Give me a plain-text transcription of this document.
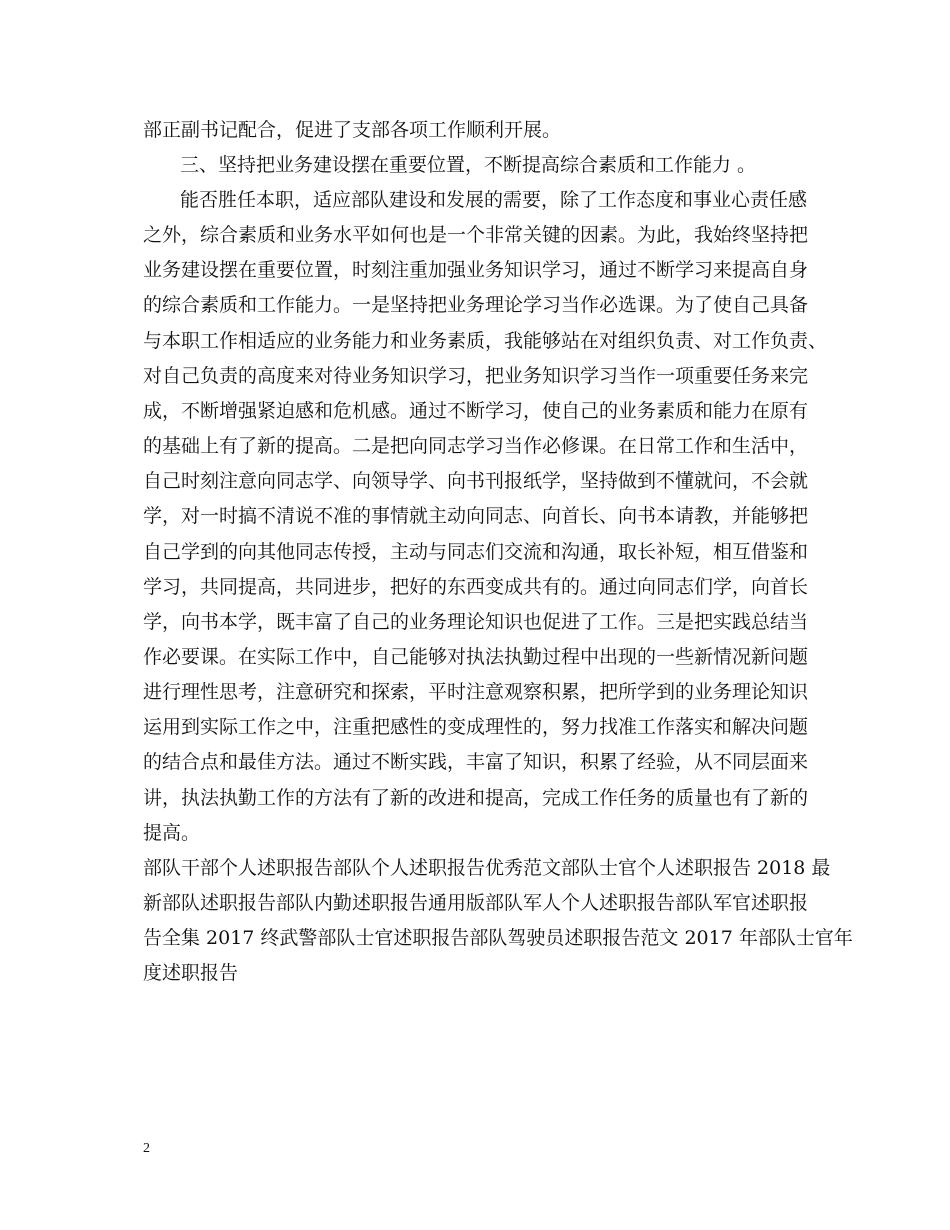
部正副书记配合，促进了支部各项工作顺利开展。
三、坚持把业务建设摆在重要位置，不断提高综合素质和工作能力 。
能否胜任本职，适应部队建设和发展的需要，除了工作态度和事业心责任感
之外，综合素质和业务水平如何也是一个非常关键的因素。为此，我始终坚持把
业务建设摆在重要位置，时刻注重加强业务知识学习，通过不断学习来提高自身
的综合素质和工作能力。一是坚持把业务理论学习当作必选课。为了使自己具备
与本职工作相适应的业务能力和业务素质，我能够站在对组织负责、对工作负责、
对自己负责的高度来对待业务知识学习，把业务知识学习当作一项重要任务来完
成，不断增强紧迫感和危机感。通过不断学习，使自己的业务素质和能力在原有
的基础上有了新的提高。二是把向同志学习当作必修课。在日常工作和生活中，
自己时刻注意向同志学、向领导学、向书刊报纸学，坚持做到不懂就问，不会就
学，对一时搞不清说不准的事情就主动向同志、向首长、向书本请教，并能够把
自己学到的向其他同志传授，主动与同志们交流和沟通，取长补短，相互借鉴和
学习，共同提高，共同进步，把好的东西变成共有的。通过向同志们学，向首长
学，向书本学，既丰富了自己的业务理论知识也促进了工作。三是把实践总结当
作必要课。在实际工作中，自己能够对执法执勤过程中出现的一些新情况新问题
进行理性思考，注意研究和探索，平时注意观察积累，把所学到的业务理论知识
运用到实际工作之中，注重把感性的变成理性的，努力找准工作落实和解决问题
的结合点和最佳方法。通过不断实践，丰富了知识，积累了经验，从不同层面来
讲，执法执勤工作的方法有了新的改进和提高，完成工作任务的质量也有了新的
提高。
部队干部个人述职报告部队个人述职报告优秀范文部队士官个人述职报告 2018 最
新部队述职报告部队内勤述职报告通用版部队军人个人述职报告部队军官述职报
告全集 2017 终武警部队士官述职报告部队驾驶员述职报告范文 2017 年部队士官年
度述职报告
2
